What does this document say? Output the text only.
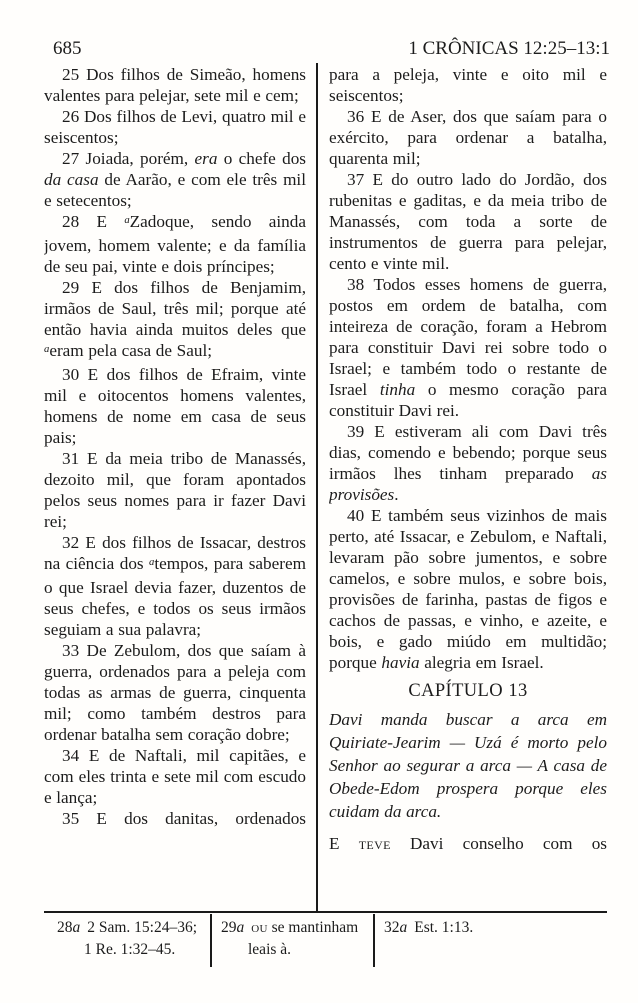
685	1 CRÔNICAS 12:25–13:1

25 Dos filhos de Simeão, homens valentes para pelejar, sete mil e cem;

26 Dos filhos de Levi, quatro mil e seiscentos;

27 Joiada, porém, era o chefe dos da casa de Aarão, e com ele três mil e setecentos;

28 E $^a$Zadoque, sendo ainda jovem, homem valente; e da família de seu pai, vinte e dois príncipes;

29 E dos filhos de Benjamim, irmãos de Saul, três mil; porque até então havia ainda muitos deles que $^a$eram pela casa de Saul;

30 E dos filhos de Efraim, vinte mil e oitocentos homens valentes, homens de nome em casa de seus pais;

31 E da meia tribo de Manassés, dezoito mil, que foram apontados pelos seus nomes para ir fazer Davi rei;

32 E dos filhos de Issacar, destros na ciência dos $^a$tempos, para saberem o que Israel devia fazer, duzentos de seus chefes, e todos os seus irmãos seguiam a sua palavra;

33 De Zebulom, dos que saíam à guerra, ordenados para a peleja com todas as armas de guerra, cinquenta mil; como também destros para ordenar batalha sem coração dobre;

34 E de Naftali, mil capitães, e com eles trinta e sete mil com escudo e lança;

35 E dos danitas, ordenados

para a peleja, vinte e oito mil e seiscentos;

36 E de Aser, dos que saíam para o exército, para ordenar a batalha, quarenta mil;

37 E do outro lado do Jordão, dos rubenitas e gaditas, e da meia tribo de Manassés, com toda a sorte de instrumentos de guerra para pelejar, cento e vinte mil.

38 Todos esses homens de guerra, postos em ordem de batalha, com inteireza de coração, foram a Hebrom para constituir Davi rei sobre todo o Israel; e também todo o restante de Israel tinha o mesmo coração para constituir Davi rei.

39 E estiveram ali com Davi três dias, comendo e bebendo; porque seus irmãos lhes tinham preparado as provisões.

40 E também seus vizinhos de mais perto, até Issacar, e Zebulom, e Naftali, levaram pão sobre jumentos, e sobre camelos, e sobre mulos, e sobre bois, provisões de farinha, pastas de figos e cachos de passas, e vinho, e azeite, e bois, e gado miúdo em multidão; porque havia alegria em Israel.

CAPÍTULO 13

Davi manda buscar a arca em Quiriate-Jearim — Uzá é morto pelo Senhor ao segurar a arca — A casa de Obede-Edom prospera porque eles cuidam da arca.

E teve Davi conselho com os

28a 2 Sam. 15:24–36; 1 Re. 1:32–45.
29a ou se mantinham leais à.
32a Est. 1:13.
